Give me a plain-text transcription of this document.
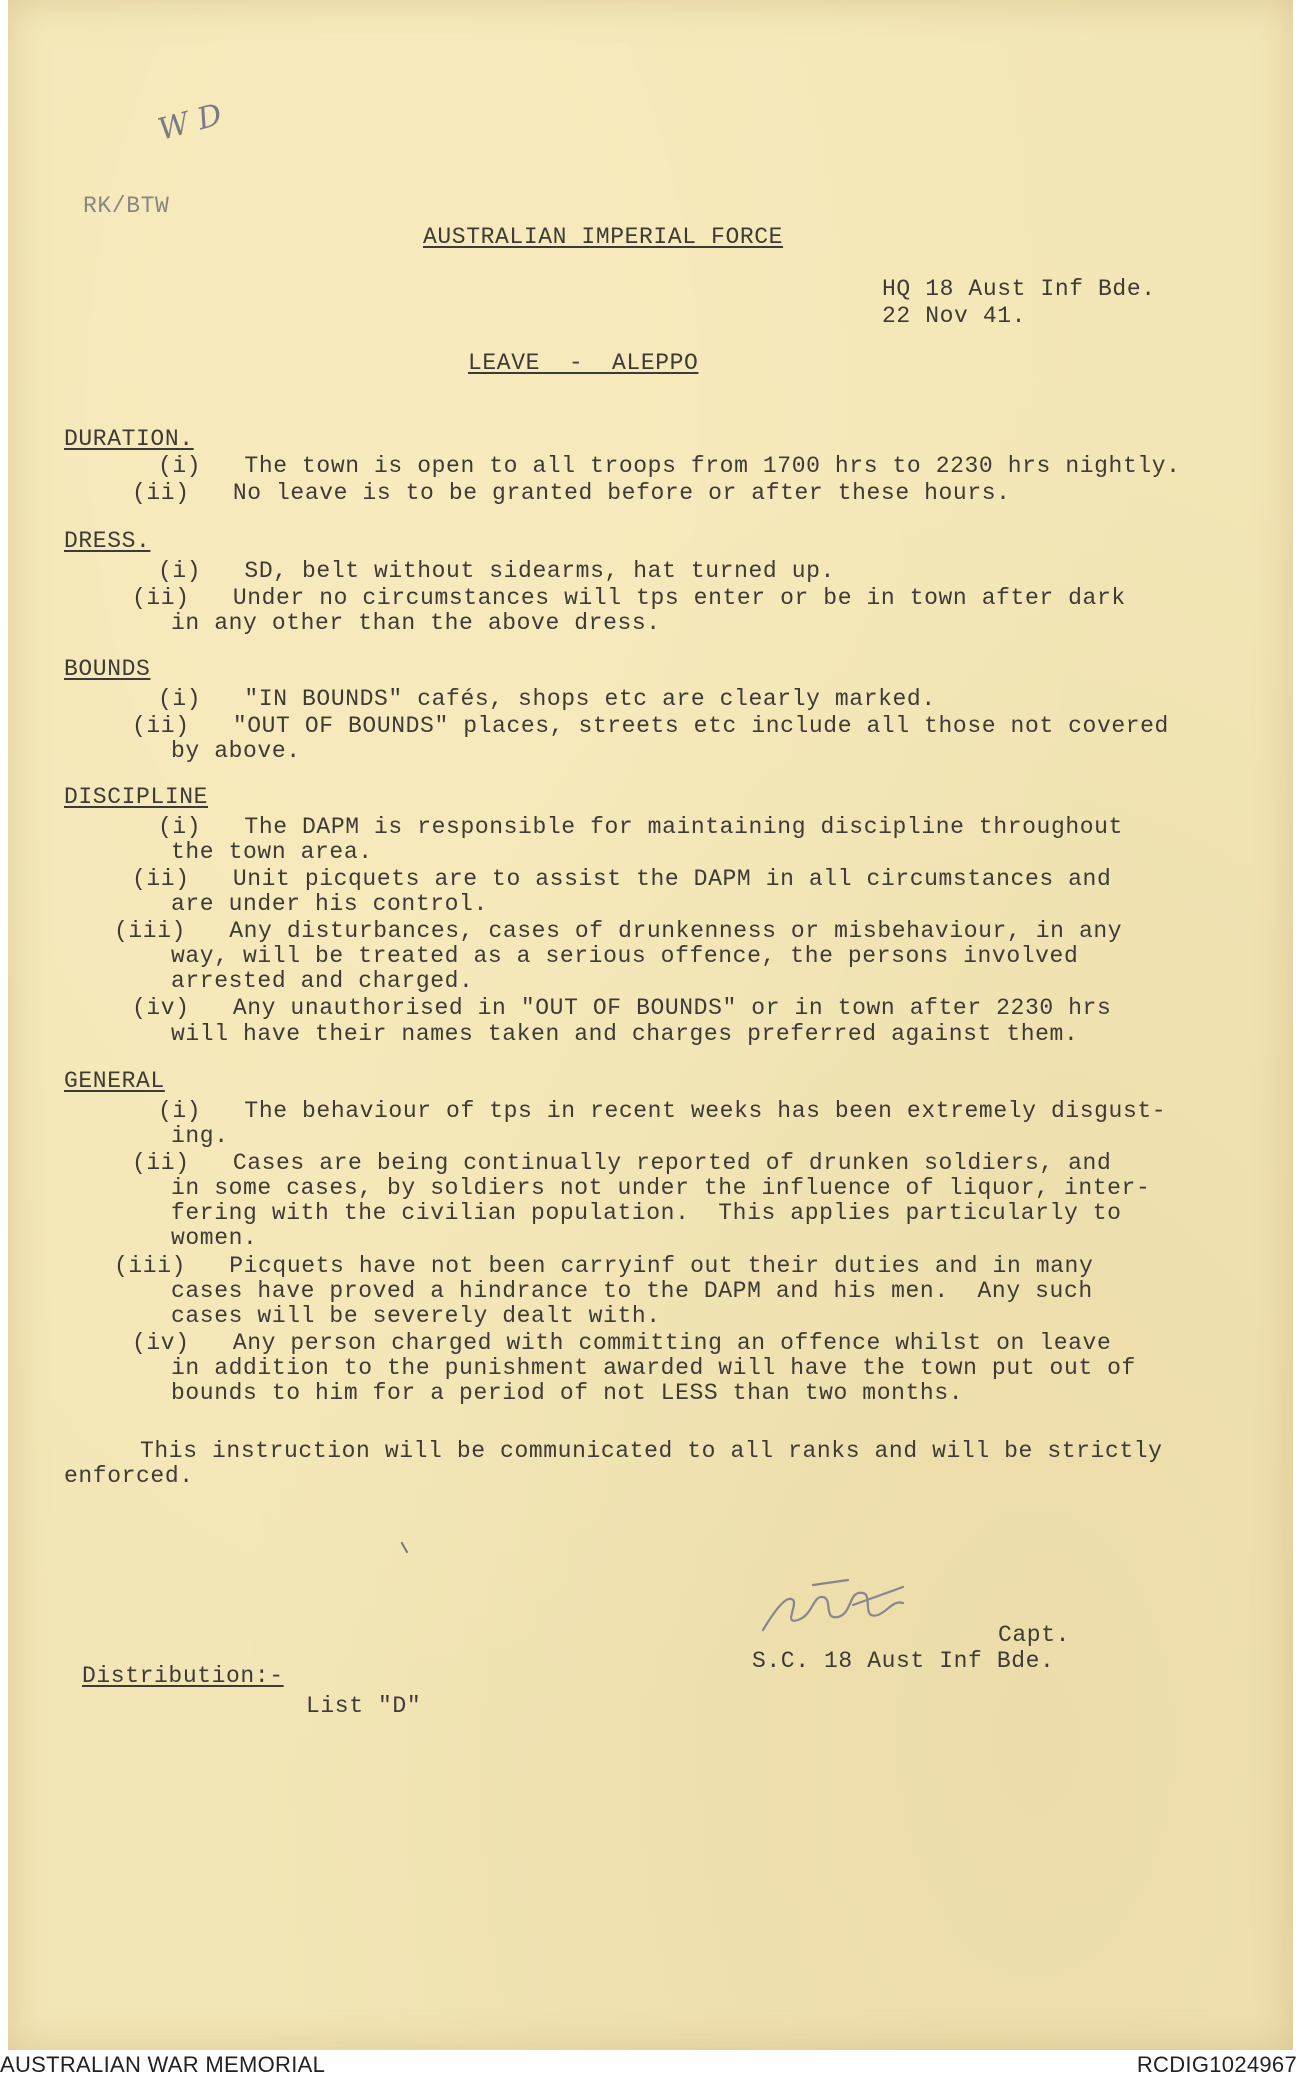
W D
RK/BTW
AUSTRALIAN IMPERIAL FORCE
HQ 18 Aust Inf Bde.
22 Nov 41.
LEAVE  -  ALEPPO
DURATION.
(i)   The town is open to all troops from 1700 hrs to 2230 hrs nightly.
(ii)   No leave is to be granted before or after these hours.
DRESS.
(i)   SD, belt without sidearms, hat turned up.
(ii)   Under no circumstances will tps enter or be in town after dark
in any other than the above dress.
BOUNDS
(i)   "IN BOUNDS" cafés, shops etc are clearly marked.
(ii)   "OUT OF BOUNDS" places, streets etc include all those not covered
by above.
DISCIPLINE
(i)   The DAPM is responsible for maintaining discipline throughout
the town area.
(ii)   Unit picquets are to assist the DAPM in all circumstances and
are under his control.
(iii)   Any disturbances, cases of drunkenness or misbehaviour, in any
way, will be treated as a serious offence, the persons involved
arrested and charged.
(iv)   Any unauthorised in "OUT OF BOUNDS" or in town after 2230 hrs
will have their names taken and charges preferred against them.
GENERAL
(i)   The behaviour of tps in recent weeks has been extremely disgust-
ing.
(ii)   Cases are being continually reported of drunken soldiers, and
in some cases, by soldiers not under the influence of liquor, inter-
fering with the civilian population.  This applies particularly to
women.
(iii)   Picquets have not been carryinf out their duties and in many
cases have proved a hindrance to the DAPM and his men.  Any such
cases will be severely dealt with.
(iv)   Any person charged with committing an offence whilst on leave
in addition to the punishment awarded will have the town put out of
bounds to him for a period of not LESS than two months.
This instruction will be communicated to all ranks and will be strictly
enforced.
Capt.
S.C. 18 Aust Inf Bde.
Distribution:-
List "D"
AUSTRALIAN WAR MEMORIAL	RCDIG1024967
